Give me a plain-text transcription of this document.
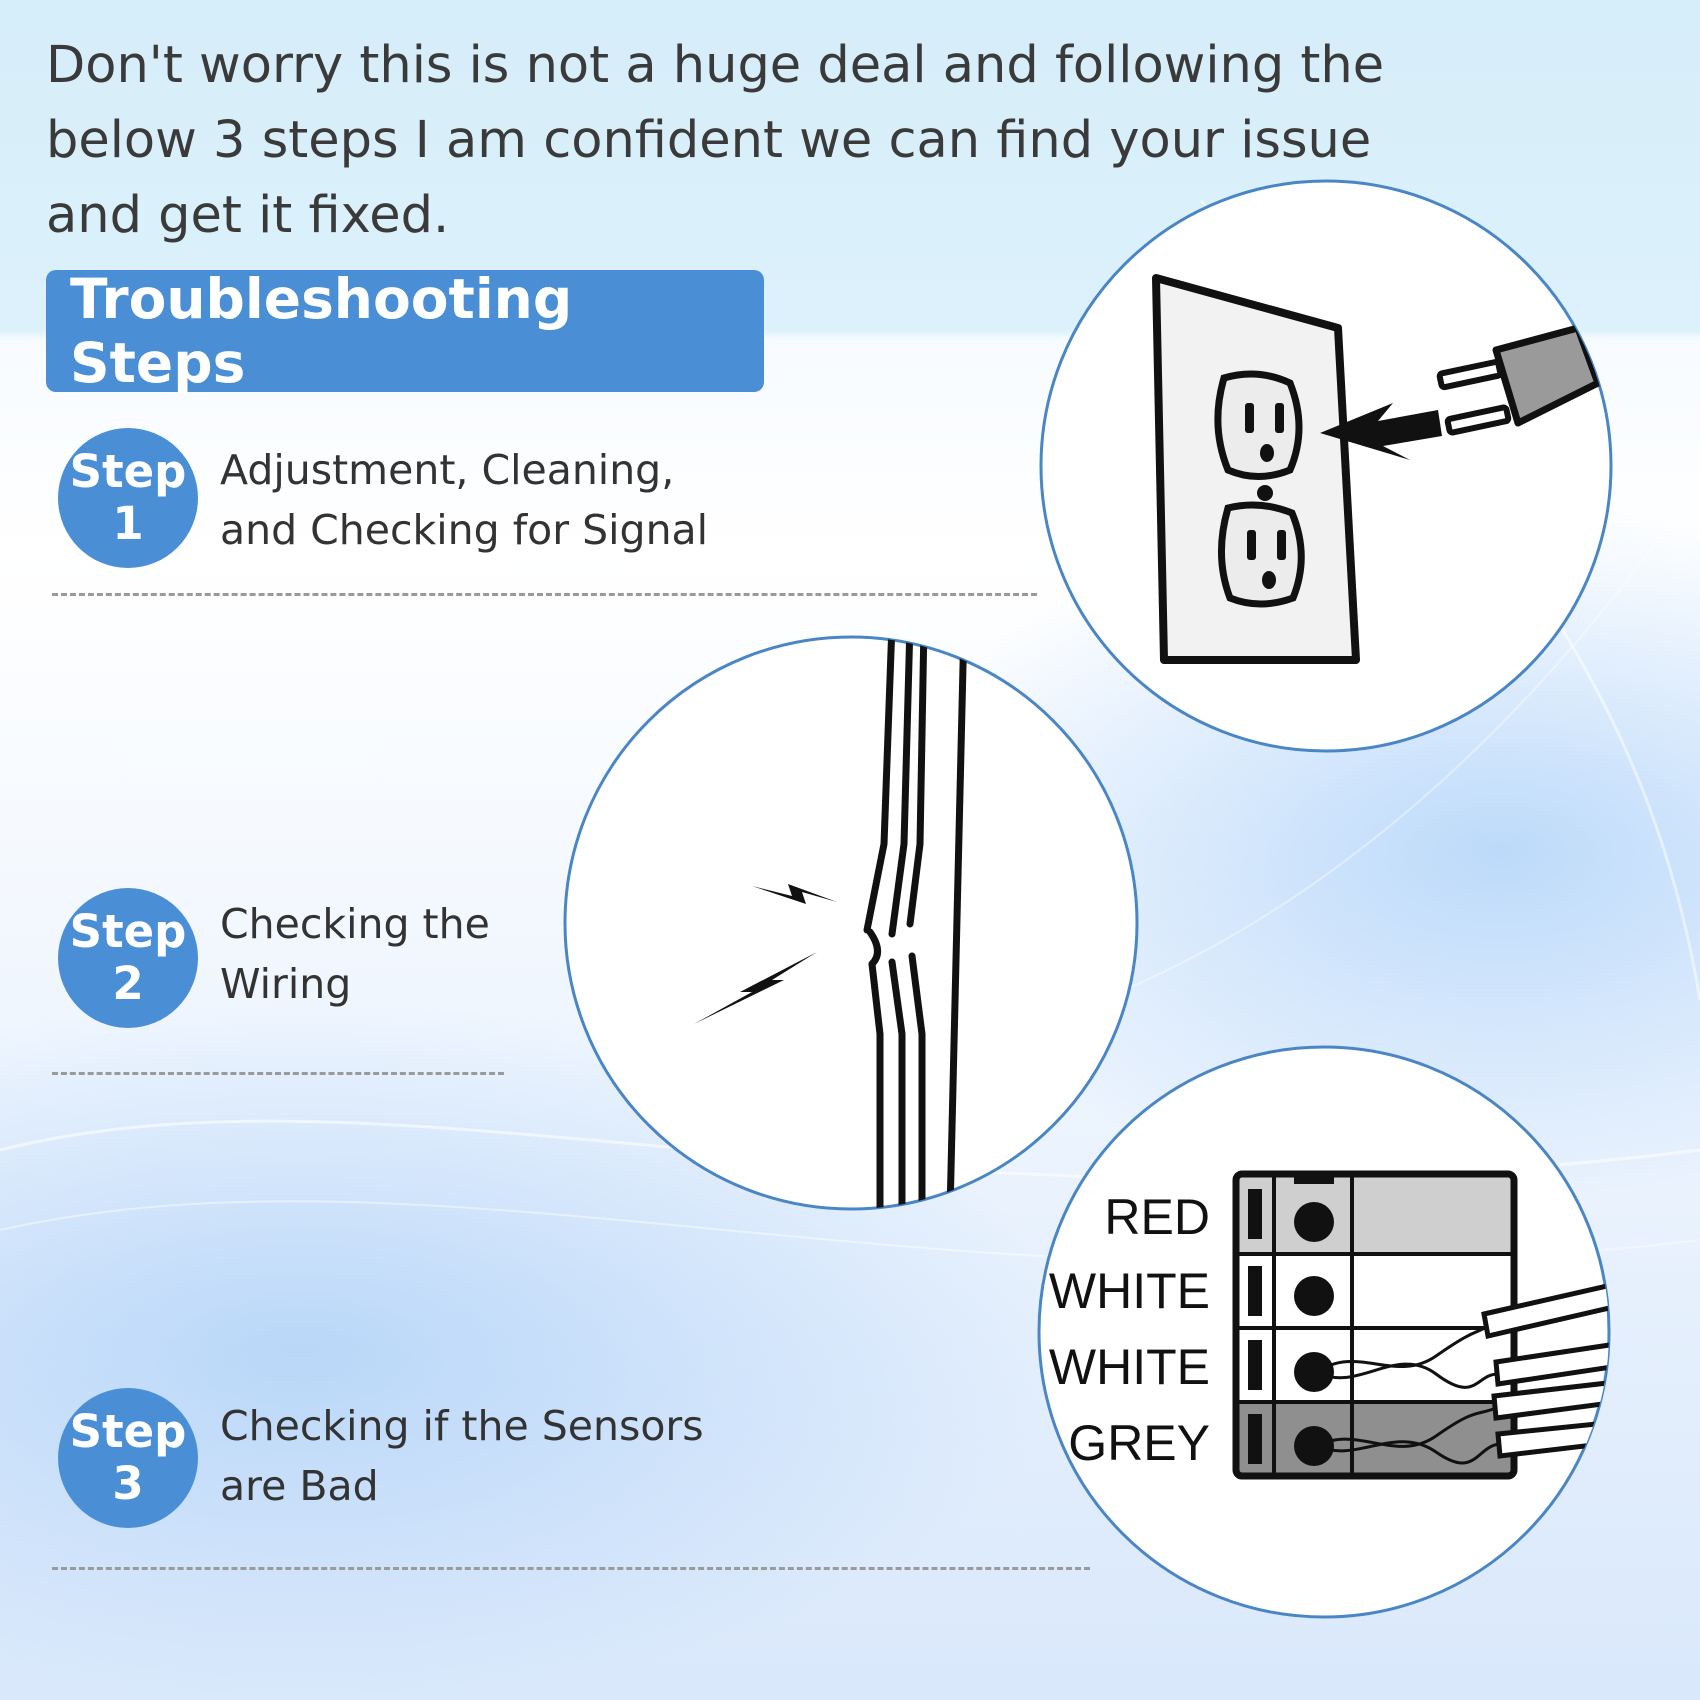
Don't worry this is not a huge deal and following the below 3 steps I am confident we can find your issue and get it fixed.

Troubleshooting Steps
Step
1

Adjustment, Cleaning,
and Checking for Signal

Step
2

Checking the
Wiring

Step
3

Checking if the Sensors
are Bad

RED
WHITE
WHITE
GREY
